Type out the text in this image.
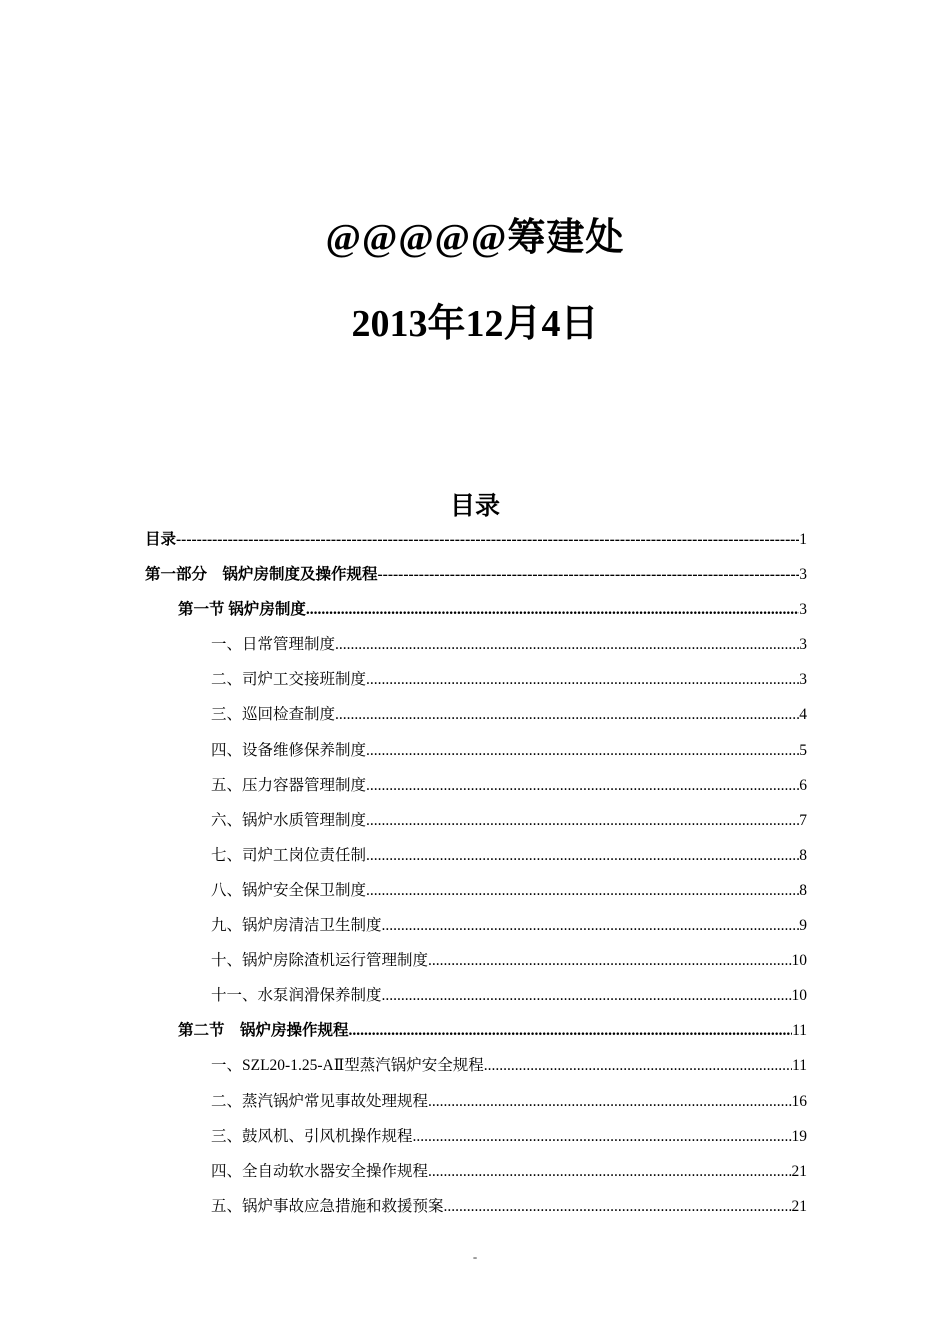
@@@@@筹建处
2013年12月4日
目录
目录 -----	1
第一部分　锅炉房制度及操作规程 -----	3
第一节 锅炉房制度 .....	3
一、日常管理制度 .....	3
二、司炉工交接班制度 .....	3
三、巡回检查制度 .....	4
四、设备维修保养制度 .....	5
五、压力容器管理制度 .....	6
六、锅炉水质管理制度 .....	7
七、司炉工岗位责任制 .....	8
八、锅炉安全保卫制度 .....	8
九、锅炉房清洁卫生制度 .....	9
十、锅炉房除渣机运行管理制度 .....	10
十一、水泵润滑保养制度 .....	10
第二节　锅炉房操作规程 .....	11
一、SZL20-1.25-AⅡ型蒸汽锅炉安全规程 .....	11
二、蒸汽锅炉常见事故处理规程 .....	16
三、鼓风机、引风机操作规程 .....	19
四、全自动软水器安全操作规程 .....	21
五、锅炉事故应急措施和救援预案 .....	21
-
